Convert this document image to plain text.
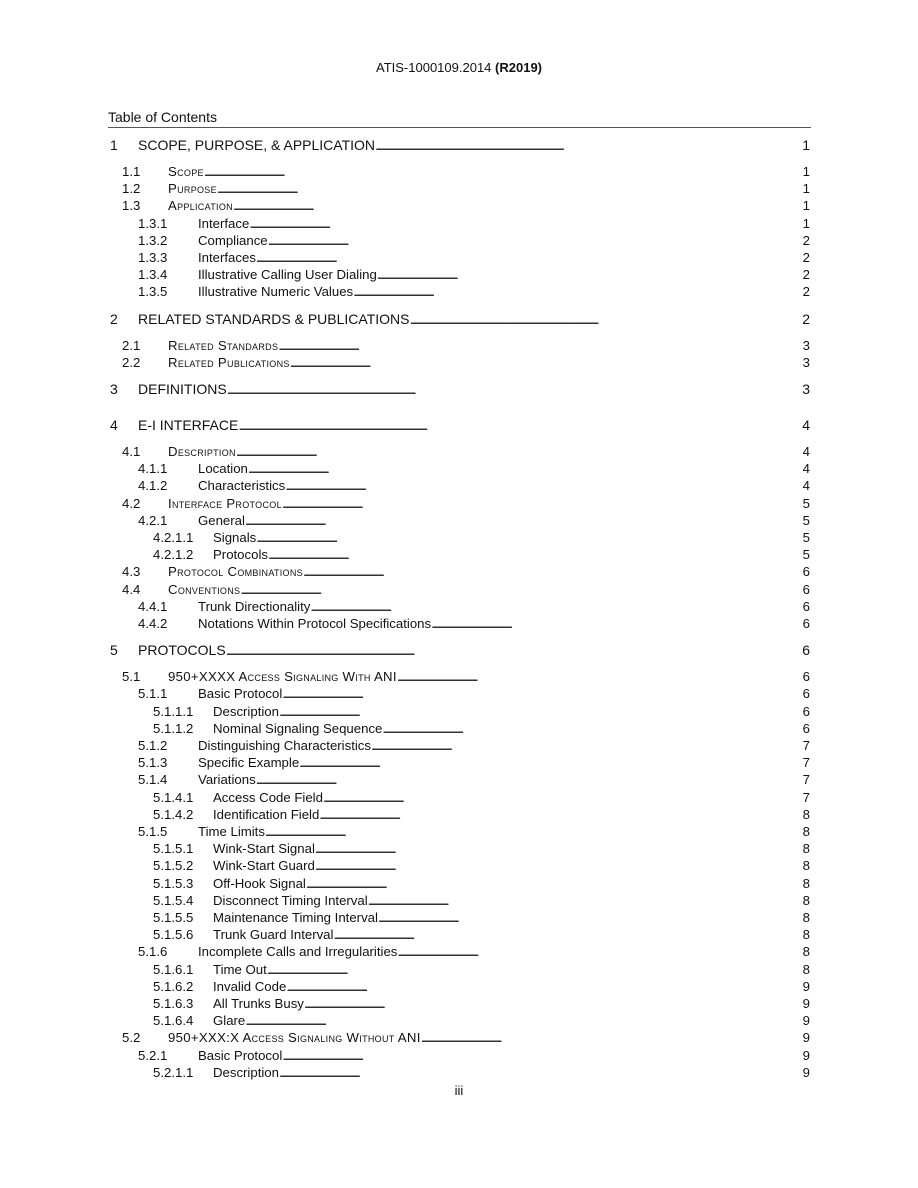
ATIS-1000109.2014 (R2019)
Table of Contents
1	SCOPE, PURPOSE, & APPLICATION . . .	1
1.1	Scope . . .	1
1.2	Purpose . . .	1
1.3	Application . . .	1
1.3.1	Interface . . .	1
1.3.2	Compliance . . .	2
1.3.3	Interfaces . . .	2
1.3.4	Illustrative Calling User Dialing . . .	2
1.3.5	Illustrative Numeric Values . . .	2
2	RELATED STANDARDS & PUBLICATIONS . . .	2
2.1	Related Standards . . .	3
2.2	Related Publications . . .	3
3	DEFINITIONS . . .	3
4	E-I INTERFACE . . .	4
4.1	Description . . .	4
4.1.1	Location . . .	4
4.1.2	Characteristics . . .	4
4.2	Interface Protocol . . .	5
4.2.1	General . . .	5
4.2.1.1	Signals . . .	5
4.2.1.2	Protocols . . .	5
4.3	Protocol Combinations . . .	6
4.4	Conventions . . .	6
4.4.1	Trunk Directionality . . .	6
4.4.2	Notations Within Protocol Specifications . . .	6
5	PROTOCOLS . . .	6
5.1	950+XXXX Access Signaling With ANI . . .	6
5.1.1	Basic Protocol . . .	6
5.1.1.1	Description . . .	6
5.1.1.2	Nominal Signaling Sequence . . .	6
5.1.2	Distinguishing Characteristics . . .	7
5.1.3	Specific Example . . .	7
5.1.4	Variations . . .	7
5.1.4.1	Access Code Field . . .	7
5.1.4.2	Identification Field . . .	8
5.1.5	Time Limits . . .	8
5.1.5.1	Wink-Start Signal . . .	8
5.1.5.2	Wink-Start Guard . . .	8
5.1.5.3	Off-Hook Signal . . .	8
5.1.5.4	Disconnect Timing Interval . . .	8
5.1.5.5	Maintenance Timing Interval . . .	8
5.1.5.6	Trunk Guard Interval . . .	8
5.1.6	Incomplete Calls and Irregularities . . .	8
5.1.6.1	Time Out . . .	8
5.1.6.2	Invalid Code . . .	9
5.1.6.3	All Trunks Busy . . .	9
5.1.6.4	Glare . . .	9
5.2	950+XXX:X Access Signaling Without ANI . . .	9
5.2.1	Basic Protocol . . .	9
5.2.1.1	Description . . .	9
iii
